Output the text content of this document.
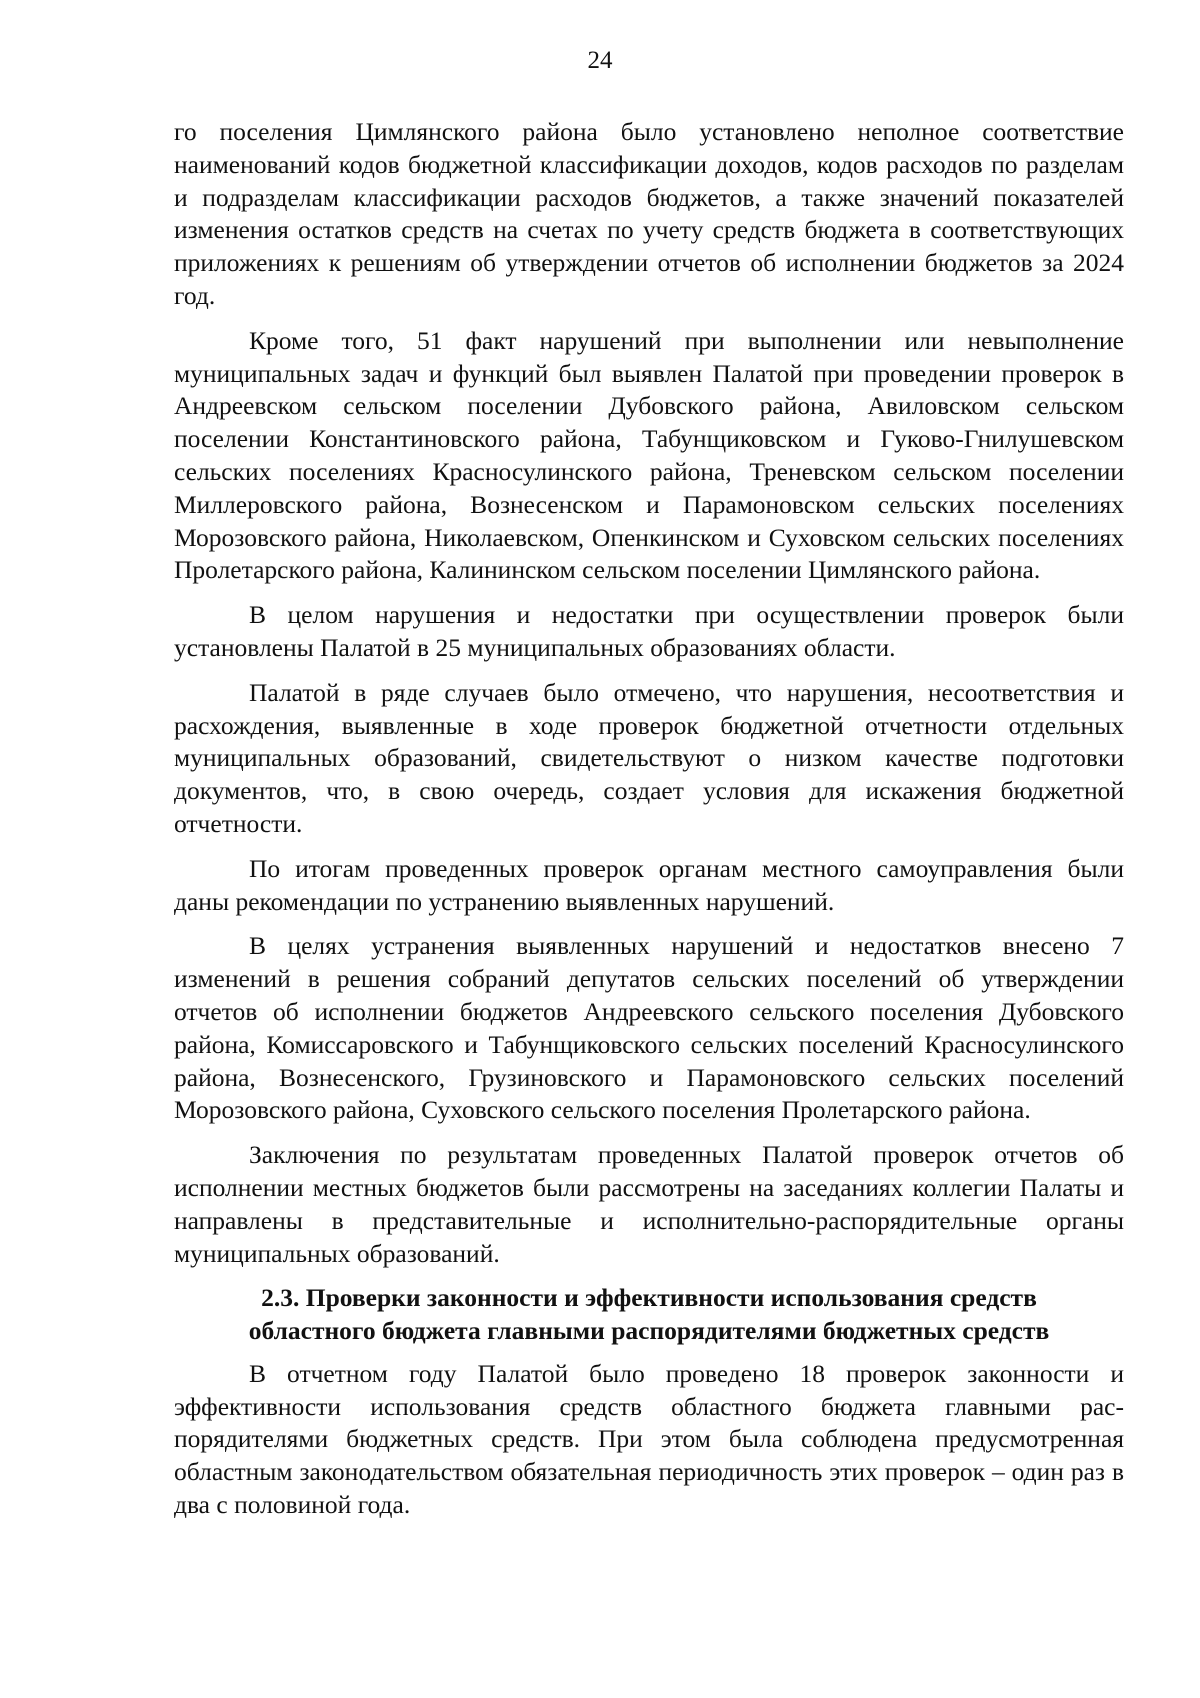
24

го поселения Цимлянского района было установлено неполное соответствие наименований кодов бюджетной классификации доходов, кодов расходов по разделам и подразделам классификации расходов бюджетов, а также значений показателей изменения остатков средств на счетах по учету средств бюджета в соответствующих приложениях к решениям об утверждении отчетов об исполнении бюджетов за 2024 год.

Кроме того, 51 факт нарушений при выполнении или невыполнение муниципальных задач и функций был выявлен Палатой при проведении проверок в Андреевском сельском поселении Дубовского района, Авиловском сельском поселении Константиновского района, Табунщиковском и Гуково-Гнилушевском сельских поселениях Красносулинского района, Треневском сельском поселении Миллеровского района, Вознесенском и Парамоновском сельских поселениях Морозовского района, Николаевском, Опенкинском и Суховском сельских поселениях Пролетарского района, Калининском сельском поселении Цимлянского района.

В целом нарушения и недостатки при осуществлении проверок были установлены Палатой в 25 муниципальных образованиях области.

Палатой в ряде случаев было отмечено, что нарушения, несоответствия и расхождения, выявленные в ходе проверок бюджетной отчетности отдельных муниципальных образований, свидетельствуют о низком качестве подготовки документов, что, в свою очередь, создает условия для искажения бюджетной отчетности.

По итогам проведенных проверок органам местного самоуправления были даны рекомендации по устранению выявленных нарушений.

В целях устранения выявленных нарушений и недостатков внесено 7 изменений в решения собраний депутатов сельских поселений об утверждении отчетов об исполнении бюджетов Андреевского сельского поселения Дубовского района, Комиссаровского и Табунщиковского сельских поселений Красносулинского района, Вознесенского, Грузиновского и Парамоновского сельских поселений Морозовского района, Суховского сельского поселения Пролетарского района.

Заключения по результатам проведенных Палатой проверок отчетов об исполнении местных бюджетов были рассмотрены на заседаниях коллегии Палаты и направлены в представительные и исполнительно-распорядительные органы муниципальных образований.

2.3. Проверки законности и эффективности использования средств
областного бюджета главными распорядителями бюджетных средств

В отчетном году Палатой было проведено 18 проверок законности и эффективности использования средств областного бюджета главными распорядителями бюджетных средств. При этом была соблюдена предусмотренная областным законодательством обязательная периодичность этих проверок – один раз в два с половиной года.
